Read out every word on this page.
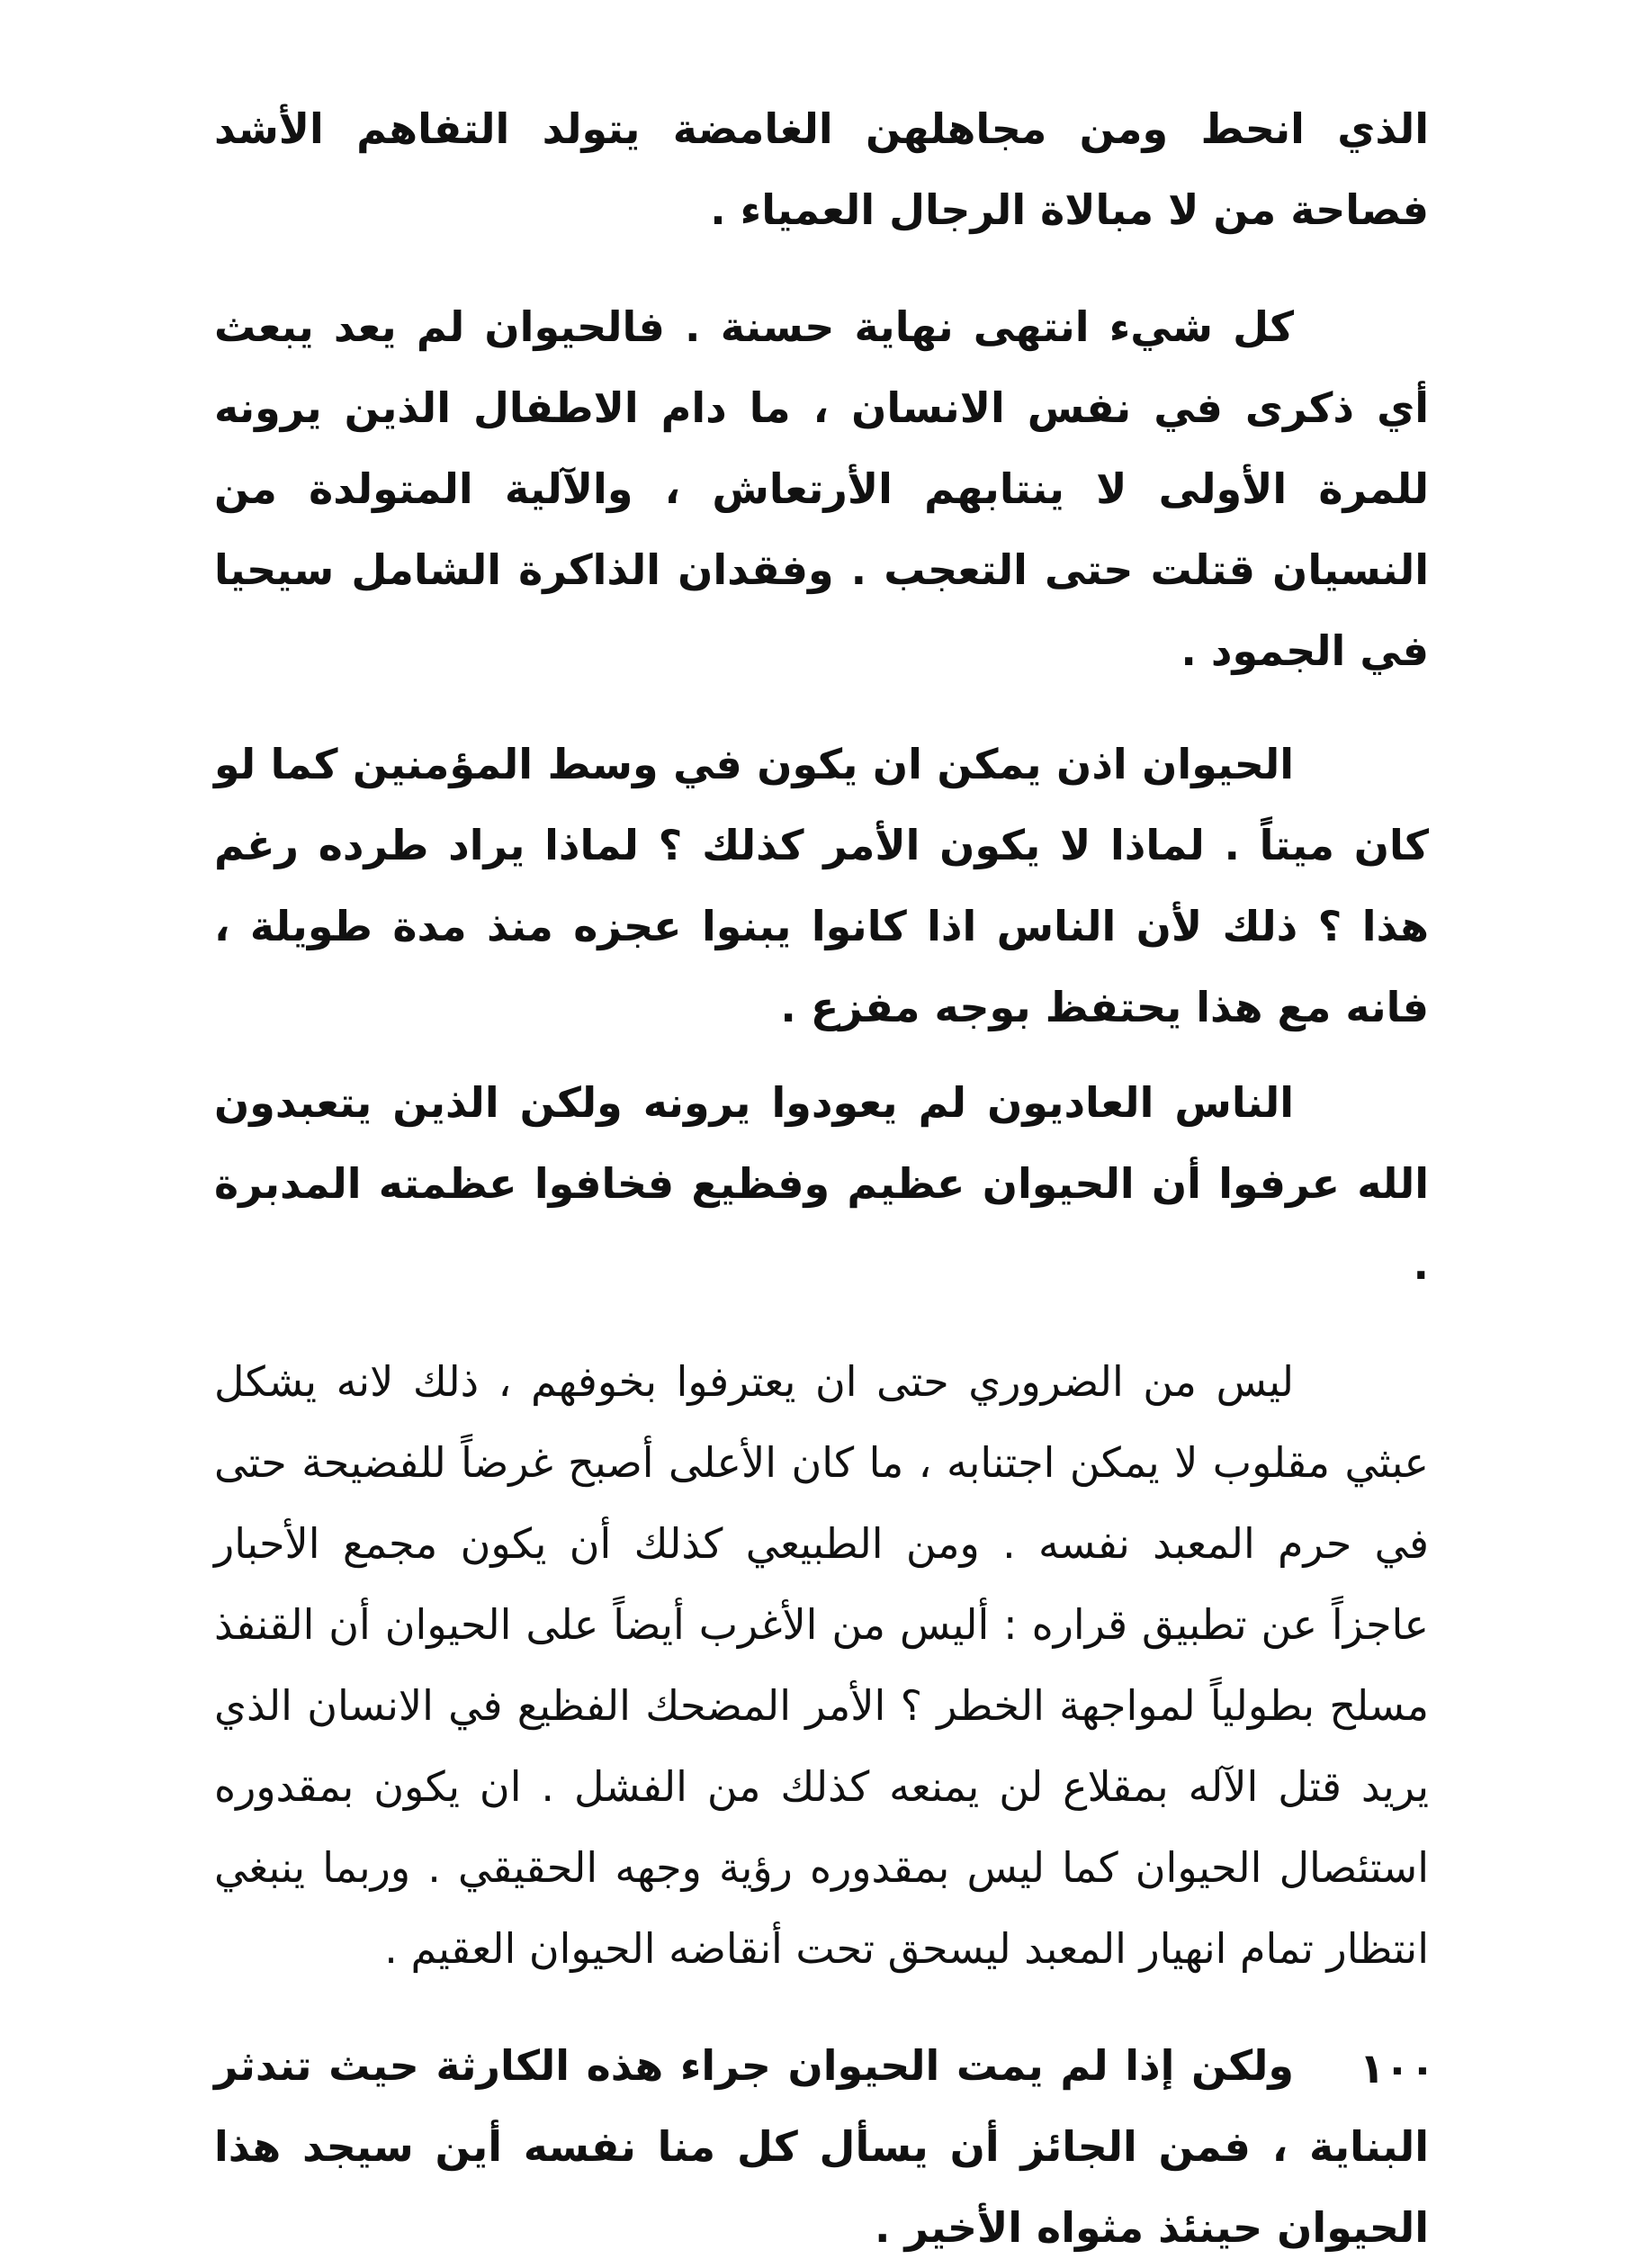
الذي انحط ومن مجاهلهن الغامضة يتولد التفاهم الأشد فصاحة من لا مبالاة الرجال العمياء .

كل شيء انتهى نهاية حسنة . فالحيوان لم يعد يبعث أي ذكرى في نفس الانسان ، ما دام الاطفال الذين يرونه للمرة الأولى لا ينتابهم الأرتعاش ، والآلية المتولدة من النسيان قتلت حتى التعجب . وفقدان الذاكرة الشامل سيحيا في الجمود .

الحيوان اذن يمكن ان يكون في وسط المؤمنين كما لو كان ميتاً . لماذا لا يكون الأمر كذلك ؟ لماذا يراد طرده رغم هذا ؟ ذلك لأن الناس اذا كانوا يبنوا عجزه منذ مدة طويلة ، فانه مع هذا يحتفظ بوجه مفزع .

الناس العاديون لم يعودوا يرونه ولكن الذين يتعبدون الله عرفوا أن الحيوان عظيم وفظيع فخافوا عظمته المدبرة .

ليس من الضروري حتى ان يعترفوا بخوفهم ، ذلك لانه يشكل عبثي مقلوب لا يمكن اجتنابه ، ما كان الأعلى أصبح غرضاً للفضيحة حتى في حرم المعبد نفسه . ومن الطبيعي كذلك أن يكون مجمع الأحبار عاجزاً عن تطبيق قراره : أليس من الأغرب أيضاً على الحيوان أن القنفذ مسلح بطولياً لمواجهة الخطر ؟ الأمر المضحك الفظيع في الانسان الذي يريد قتل الآله بمقلاع لن يمنعه كذلك من الفشل . ان يكون بمقدوره استئصال الحيوان كما ليس بمقدوره رؤية وجهه الحقيقي . وربما ينبغي انتظار تمام انهيار المعبد ليسحق تحت أنقاضه الحيوان العقيم .

ولكن إذا لم يمت الحيوان جراء هذه الكارثة حيث تندثر البناية ، فمن الجائز أن يسأل كل منا نفسه أين سيجد هذا الحيوان حينئذ مثواه الأخير .

١٠٠
